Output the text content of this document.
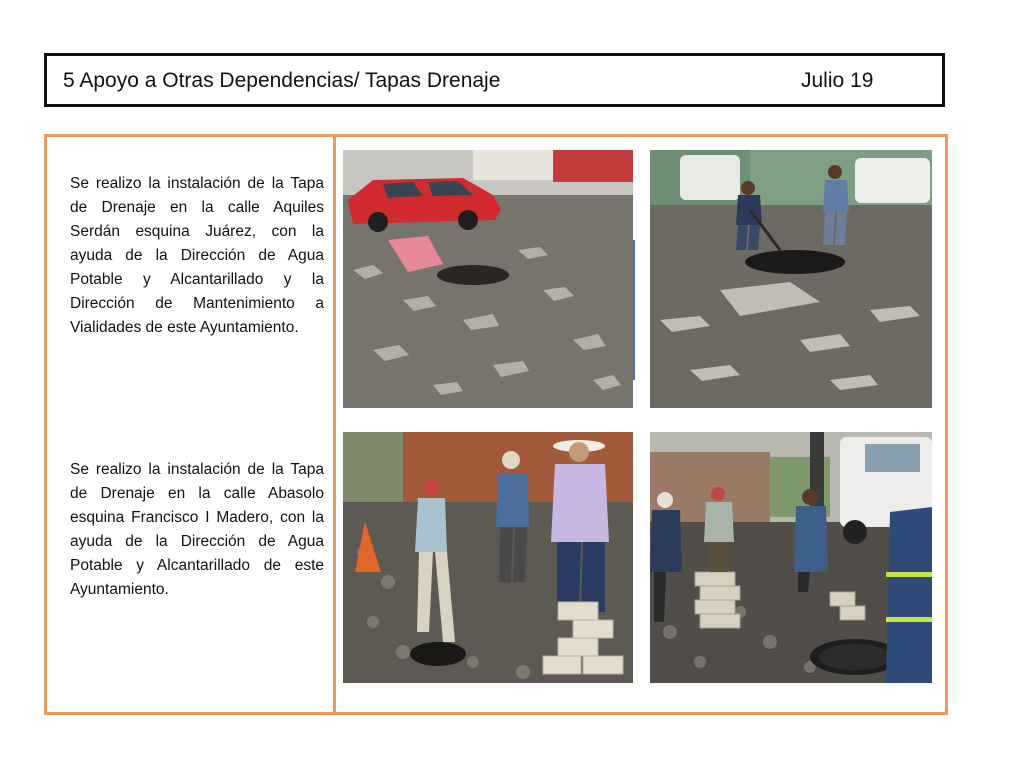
5 Apoyo a Otras Dependencias/ Tapas Drenaje	Julio 19
Se realizo la instalación de la Tapa de Drenaje en la calle Aquiles Serdán esquina Juárez, con la ayuda de la Dirección de Agua Potable y Alcantarillado y la Dirección de Mantenimiento a Vialidades de este Ayuntamiento.
Se realizo la instalación de la Tapa de Drenaje en la calle Abasolo esquina Francisco I Madero, con la ayuda de la Dirección de Agua Potable y Alcantarillado de este Ayuntamiento.
